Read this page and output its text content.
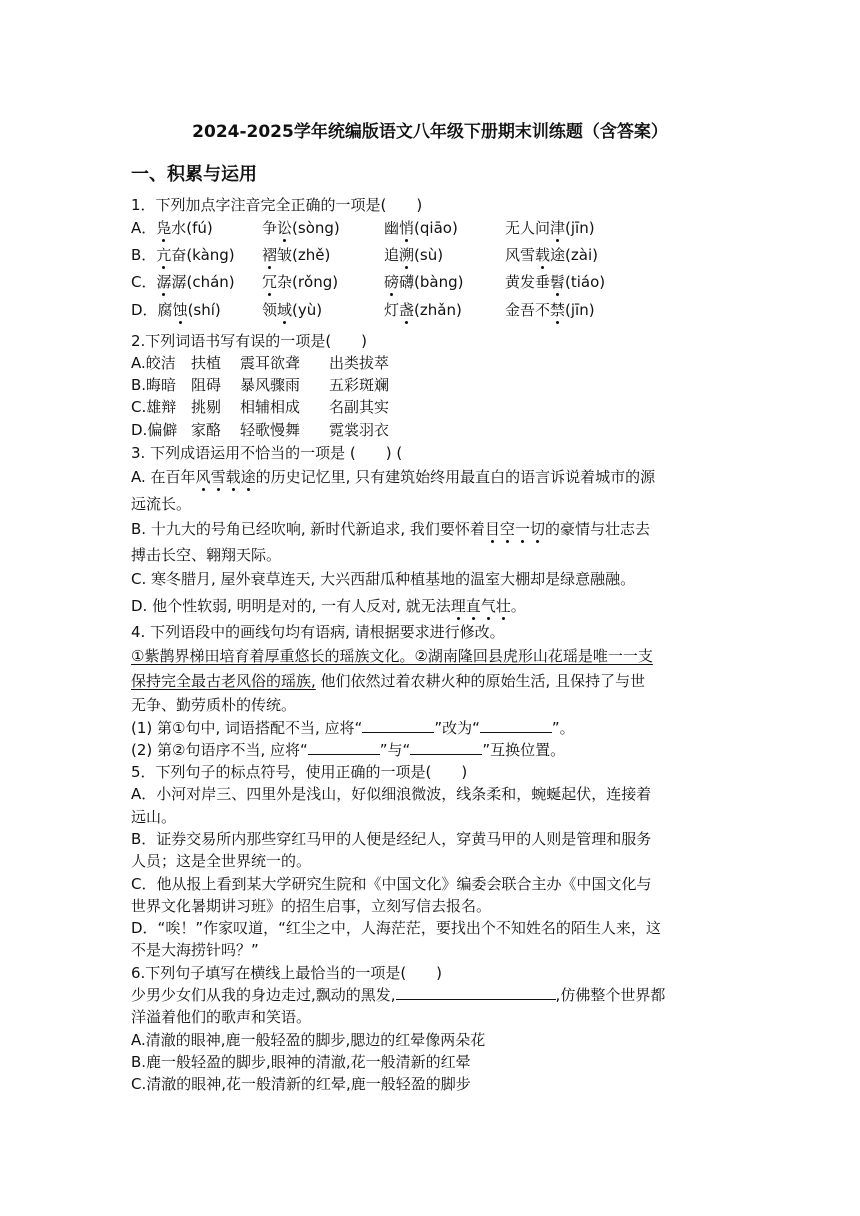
2024-2025学年统编版语文八年级下册期末训练题（含答案）
一、积累与运用
1．下列加点字注音完全正确的一项是(　　)
A．凫水(fú)	争讼(sòng)	幽悄(qiāo)	无人问津(jīn)
B．亢奋(kàng) 褶皱(zhě)	追溯(sù)	风雪载途(zài)
C．潺潺(chán) 冗杂(rǒng)	磅礴(bàng)	黄发垂髫(tiáo)
D．腐蚀(shí)	领域(yù)	灯盏(zhǎn)	金吾不禁(jīn)
2.下列词语书写有误的一项是(　　)
A.皎洁 扶植 震耳欲聋 出类拔萃
B.晦暗 阻碍 暴风骤雨 五彩斑斓
C.雄辩 挑剔 相辅相成 名副其实
D.偏僻 家酪 轻歌慢舞 霓裳羽衣
3. 下列成语运用不恰当的一项是 (　　) (
A. 在百年风雪载途的历史记忆里, 只有建筑始终用最直白的语言诉说着城市的源
远流长。
B. 十九大的号角已经吹响, 新时代新追求, 我们要怀着目空一切的豪情与壮志去
搏击长空、翱翔天际。
C. 寒冬腊月, 屋外衰草连天, 大兴西甜瓜种植基地的温室大棚却是绿意融融。
D. 他个性软弱, 明明是对的, 一有人反对, 就无法理直气壮。
4. 下列语段中的画线句均有语病, 请根据要求进行修改。
①紫鹊界梯田培育着厚重悠长的瑶族文化。②湖南隆回县虎形山花瑶是唯一一支
保持完全最古老风俗的瑶族, 他们依然过着农耕火种的原始生活, 且保持了与世
无争、勤劳质朴的传统。
(1) 第①句中, 词语搭配不当, 应将“	”改为“	”。
(2) 第②句语序不当, 应将“	”与“	”互换位置。
5．下列句子的标点符号，使用正确的一项是(　　)
A．小河对岸三、四里外是浅山，好似细浪微波，线条柔和，蜿蜒起伏，连接着
远山。
B．证券交易所内那些穿红马甲的人便是经纪人，穿黄马甲的人则是管理和服务
人员；这是全世界统一的。
C．他从报上看到某大学研究生院和《中国文化》编委会联合主办《中国文化与
世界文化暑期讲习班》的招生启事，立刻写信去报名。
D．“唉！”作家叹道，“红尘之中，人海茫茫，要找出个不知姓名的陌生人来，这
不是大海捞针吗？”
6.下列句子填写在横线上最恰当的一项是(　　)
少男少女们从我的身边走过,飘动的黑发,	,仿佛整个世界都
洋溢着他们的歌声和笑语。
A.清澈的眼神,鹿一般轻盈的脚步,腮边的红晕像两朵花
B.鹿一般轻盈的脚步,眼神的清澈,花一般清新的红晕
C.清澈的眼神,花一般清新的红晕,鹿一般轻盈的脚步
